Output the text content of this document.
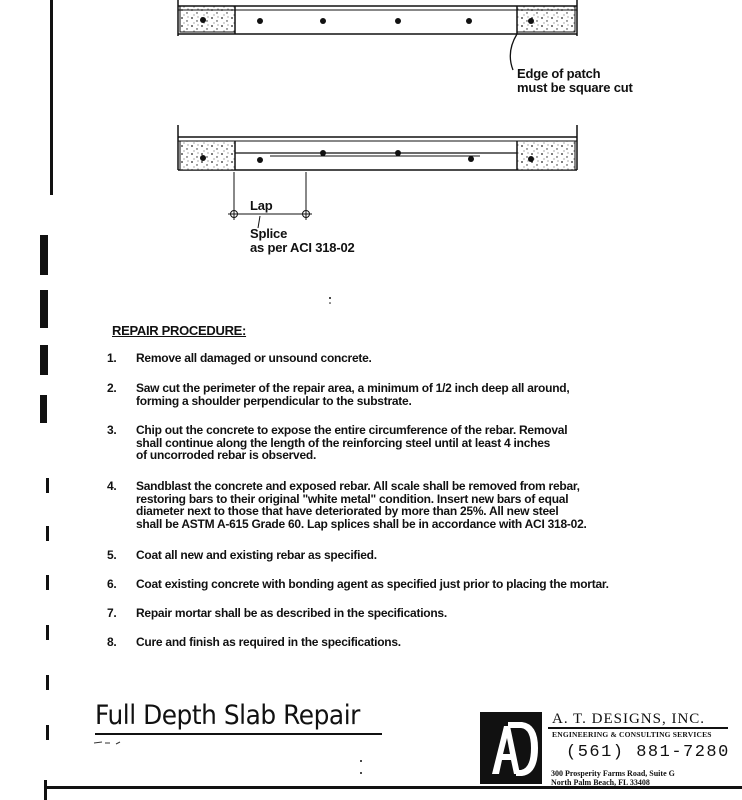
Edge of patch
must be square cut
Lap
Splice
as per ACI 318-02
REPAIR PROCEDURE:
1.	Remove all damaged or unsound concrete.
2.	Saw cut the perimeter of the repair area, a minimum of 1/2 inch deep all around,
forming a shoulder perpendicular to the substrate.
3.	Chip out the concrete to expose the entire circumference of the rebar. Removal
shall continue along the length of the reinforcing steel until at least 4 inches
of uncorroded rebar is observed.
4.	Sandblast the concrete and exposed rebar. All scale shall be removed from rebar,
restoring bars to their original "white metal" condition. Insert new bars of equal
diameter next to those that have deteriorated by more than 25%. All new steel
shall be ASTM A-615 Grade 60. Lap splices shall be in accordance with ACI 318-02.
5.	Coat all new and existing rebar as specified.
6.	Coat existing concrete with bonding agent as specified just prior to placing the mortar.
7.	Repair mortar shall be as described in the specifications.
8.	Cure and finish as required in the specifications.
Full Depth Slab Repair	A. T. DESIGNS, INC.
ENGINEERING & CONSULTING SERVICES
(561) 881-7280
300 Prosperity Farms Road, Suite G
North Palm Beach, FL 33408
